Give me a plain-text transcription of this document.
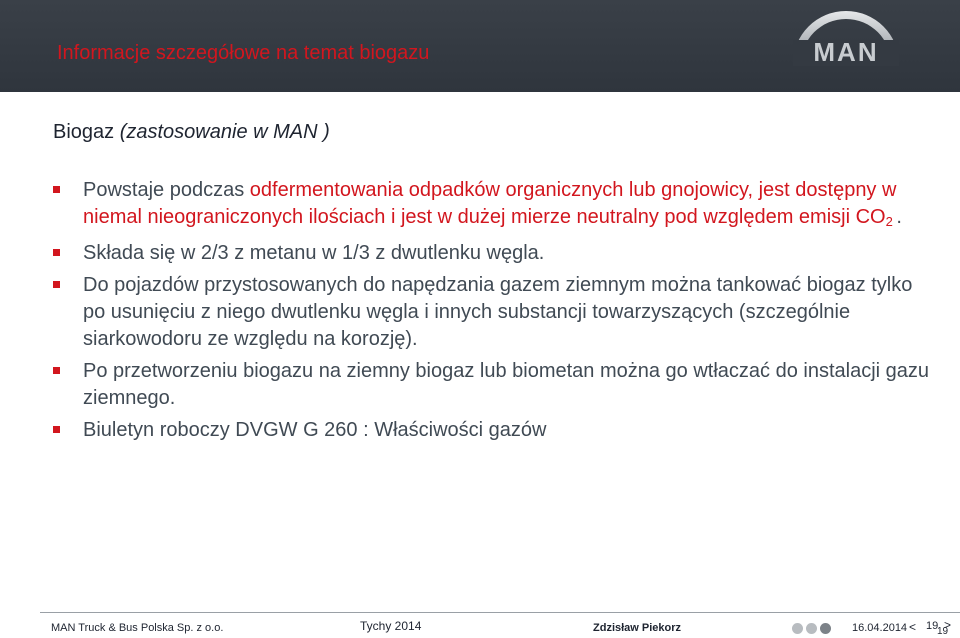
Informacje szczegółowe na temat biogazu	MAN
Biogaz (zastosowanie w MAN )
Powstaje podczas odfermentowania odpadków organicznych lub gnojowicy, jest dostępny w niemal nieograniczonych ilościach i jest w dużej mierze neutralny pod względem emisji $CO_2$ .
Składa się w 2/3 z metanu w 1/3 z dwutlenku węgla.
Do pojazdów przystosowanych do napędzania gazem ziemnym można tankować biogaz tylko po usunięciu z niego dwutlenku węgla i innych substancji towarzyszących (szczególnie siarkowodoru ze względu na korozję).
Po przetworzeniu biogazu na ziemny biogaz lub biometan można go wtłaczać do instalacji gazu ziemnego.
Biuletyn roboczy DVGW G 260 : Właściwości gazów
MAN Truck & Bus Polska Sp. z o.o.	Tychy 2014	Zdzisław Piekorz	16.04.2014 < 19 >
19
